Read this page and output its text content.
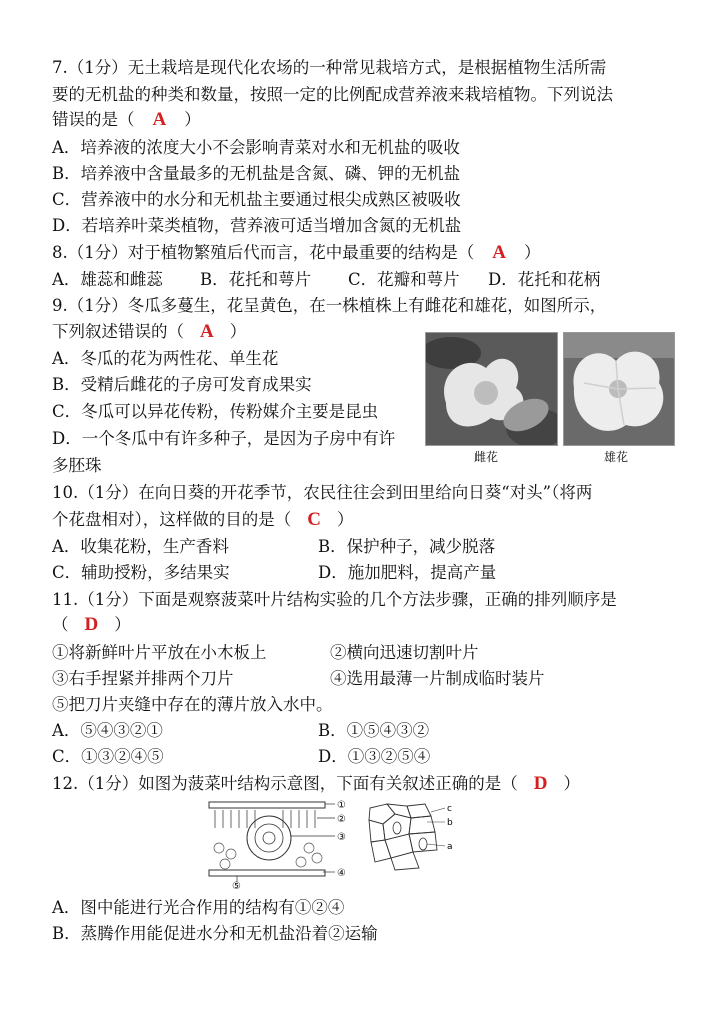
7.（1分）无土栽培是现代化农场的一种常见栽培方式，是根据植物生活所需
要的无机盐的种类和数量，按照一定的比例配成营养液来栽培植物。下列说法
错误的是（ A ）
A．培养液的浓度大小不会影响青菜对水和无机盐的吸收
B．培养液中含量最多的无机盐是含氮、磷、钾的无机盐
C．营养液中的水分和无机盐主要通过根尖成熟区被吸收
D．若培养叶菜类植物，营养液可适当增加含氮的无机盐
8.（1分）对于植物繁殖后代而言，花中最重要的结构是（ A ）
A．雄蕊和雌蕊 B．花托和萼片 C．花瓣和萼片 D．花托和花柄
9.（1分）冬瓜多蔓生，花呈黄色，在一株植株上有雌花和雄花，如图所示，
下列叙述错误的（ A ）
A．冬瓜的花为两性花、单生花
B．受精后雌花的子房可发育成果实
C．冬瓜可以异花传粉，传粉媒介主要是昆虫
D．一个冬瓜中有许多种子，是因为子房中有许
多胚珠	雌花	雄花
10.（1分）在向日葵的开花季节，农民往往会到田里给向日葵“对头”（将两
个花盘相对），这样做的目的是（ C ）
A．收集花粉，生产香料	B．保护种子，减少脱落
C．辅助授粉，多结果实	D．施加肥料，提高产量
11.（1分）下面是观察菠菜叶片结构实验的几个方法步骤，正确的排列顺序是
（ D ）
①将新鲜叶片平放在小木板上	②横向迅速切割叶片
③右手捏紧并排两个刀片	④选用最薄一片制成临时装片
⑤把刀片夹缝中存在的薄片放入水中。
A．⑤④③②①	B．①⑤④③②
C．①③②④⑤	D．①③②⑤④
12.（1分）如图为菠菜叶结构示意图，下面有关叙述正确的是（ D ）
①
②
③
④
⑤
c
b
a
A．图中能进行光合作用的结构有①②④
B．蒸腾作用能促进水分和无机盐沿着②运输
